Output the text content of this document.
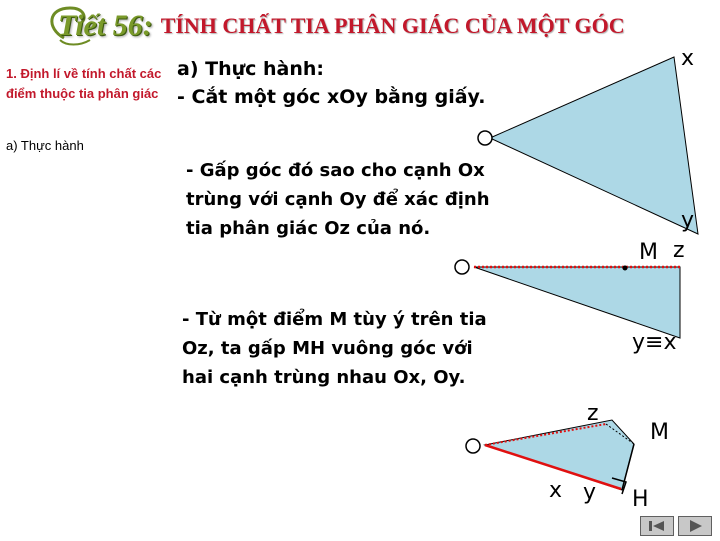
Tiết 56: TÍNH CHẤT TIA PHÂN GIÁC CỦA MỘT GÓC
1. Định lí về tính chất các điểm thuộc tia phân giác
a) Thực hành
a) Thực hành:
- Cắt một góc xOy bằng giấy.
- Gấp góc đó sao cho cạnh Ox
trùng với cạnh Oy để xác định
tia phân giác Oz của nó.
- Từ một điểm M tùy ý trên tia
Oz, ta gấp MH vuông góc với
hai cạnh trùng nhau Ox, Oy.
x
y
M z
y≡x
z
M
x y H
